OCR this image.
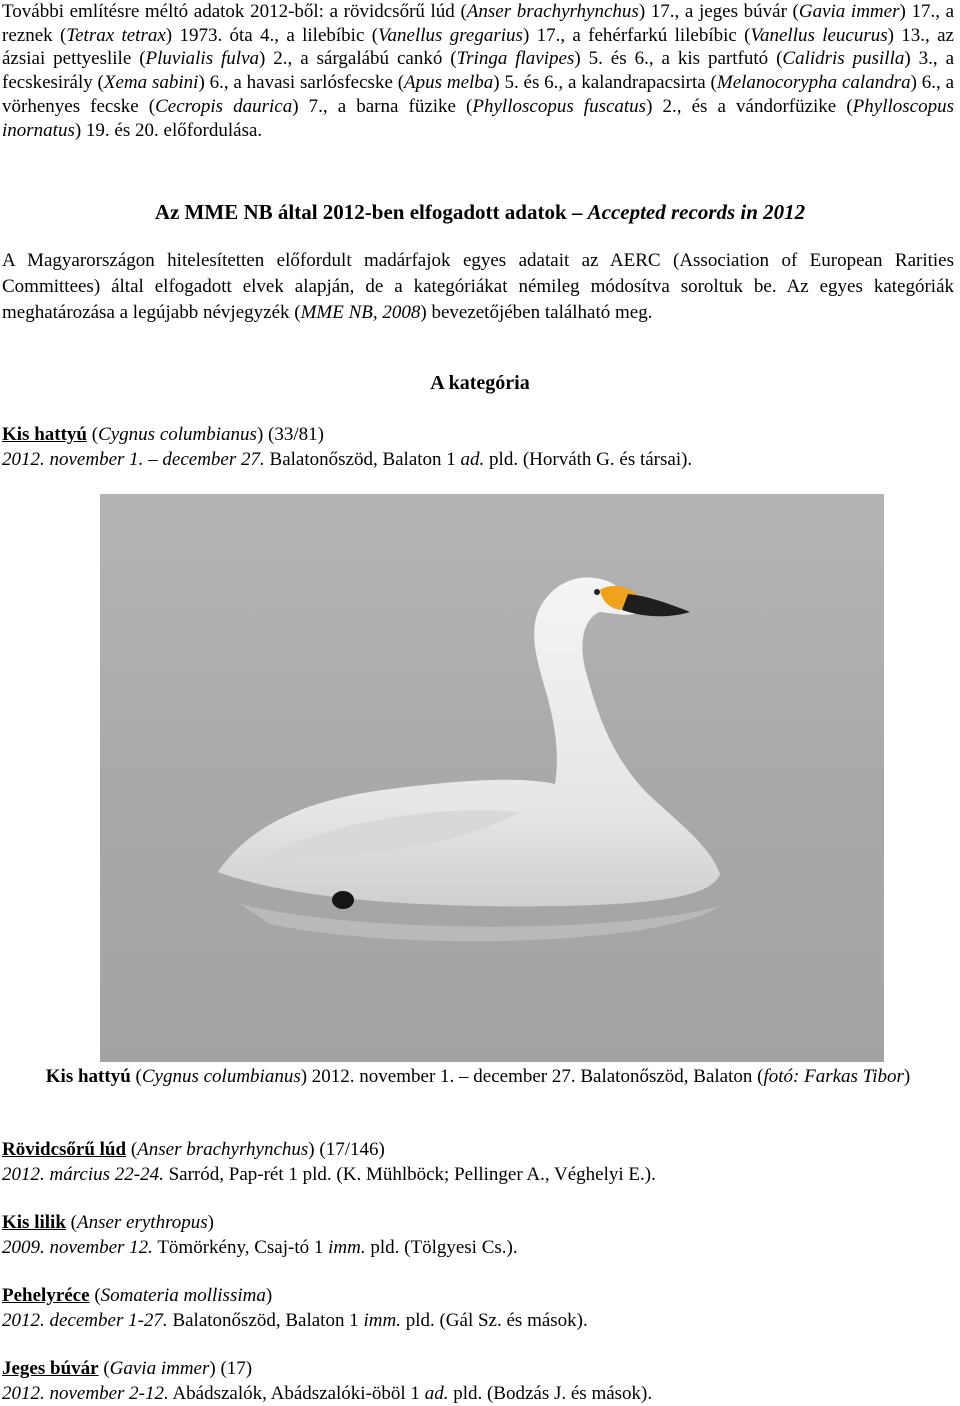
További említésre méltó adatok 2012-ből: a rövidcsőrű lúd (Anser brachyrhynchus) 17., a jeges búvár (Gavia immer) 17., a reznek (Tetrax tetrax) 1973. óta 4., a lilebíbic (Vanellus gregarius) 17., a fehérfarkú lilebíbic (Vanellus leucurus) 13., az ázsiai pettyeslile (Pluvialis fulva) 2., a sárgalábú cankó (Tringa flavipes) 5. és 6., a kis partfutó (Calidris pusilla) 3., a fecskesirály (Xema sabini) 6., a havasi sarlósfecske (Apus melba) 5. és 6., a kalandrapacsirta (Melanocorypha calandra) 6., a vörhenyes fecske (Cecropis daurica) 7., a barna füzike (Phylloscopus fuscatus) 2., és a vándorfüzike (Phylloscopus inornatus) 19. és 20. előfordulása.
Az MME NB által 2012-ben elfogadott adatok – Accepted records in 2012
A Magyarországon hitelesítetten előfordult madárfajok egyes adatait az AERC (Association of European Rarities Committees) által elfogadott elvek alapján, de a kategóriákat némileg módosítva soroltuk be. Az egyes kategóriák meghatározása a legújabb névjegyzék (MME NB, 2008) bevezetőjében található meg.
A kategória
Kis hattyú (Cygnus columbianus) (33/81)
2012. november 1. – december 27. Balatonőszöd, Balaton 1 ad. pld. (Horváth G. és társai).
Kis hattyú (Cygnus columbianus) 2012. november 1. – december 27. Balatonőszöd, Balaton (fotó: Farkas Tibor)
Rövidcsőrű lúd (Anser brachyrhynchus) (17/146)
2012. március 22-24. Sarród, Pap-rét 1 pld. (K. Mühlböck; Pellinger A., Véghelyi E.).
Kis lilik (Anser erythropus)
2009. november 12. Tömörkény, Csaj-tó 1 imm. pld. (Tölgyesi Cs.).
Pehelyréce (Somateria mollissima)
2012. december 1-27. Balatonőszöd, Balaton 1 imm. pld. (Gál Sz. és mások).
Jeges búvár (Gavia immer) (17)
2012. november 2-12. Abádszalók, Abádszalóki-öböl 1 ad. pld. (Bodzás J. és mások).
